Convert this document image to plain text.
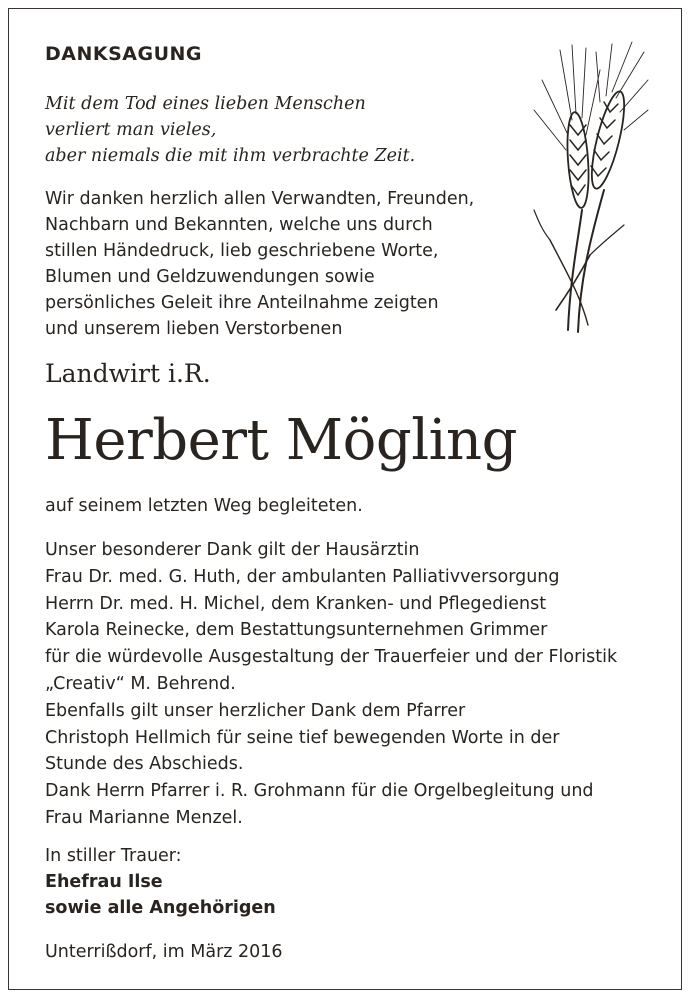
DANKSAGUNG
Mit dem Tod eines lieben Menschen
verliert man vieles,
aber niemals die mit ihm verbrachte Zeit.
Wir danken herzlich allen Verwandten, Freunden,
Nachbarn und Bekannten, welche uns durch
stillen Händedruck, lieb geschriebene Worte,
Blumen und Geldzuwendungen sowie
persönliches Geleit ihre Anteilnahme zeigten
und unserem lieben Verstorbenen

Landwirt i.R.

Herbert Mögling

auf seinem letzten Weg begleiteten.

Unser besonderer Dank gilt der Hausärztin
Frau Dr. med. G. Huth, der ambulanten Palliativversorgung
Herrn Dr. med. H. Michel, dem Kranken- und Pflegedienst
Karola Reinecke, dem Bestattungsunternehmen Grimmer
für die würdevolle Ausgestaltung der Trauerfeier und der Floristik
„Creativ“ M. Behrend.
Ebenfalls gilt unser herzlicher Dank dem Pfarrer
Christoph Hellmich für seine tief bewegenden Worte in der
Stunde des Abschieds.
Dank Herrn Pfarrer i. R. Grohmann für die Orgelbegleitung und
Frau Marianne Menzel.
In stiller Trauer:
Ehefrau Ilse
sowie alle Angehörigen

Unterrißdorf, im März 2016
